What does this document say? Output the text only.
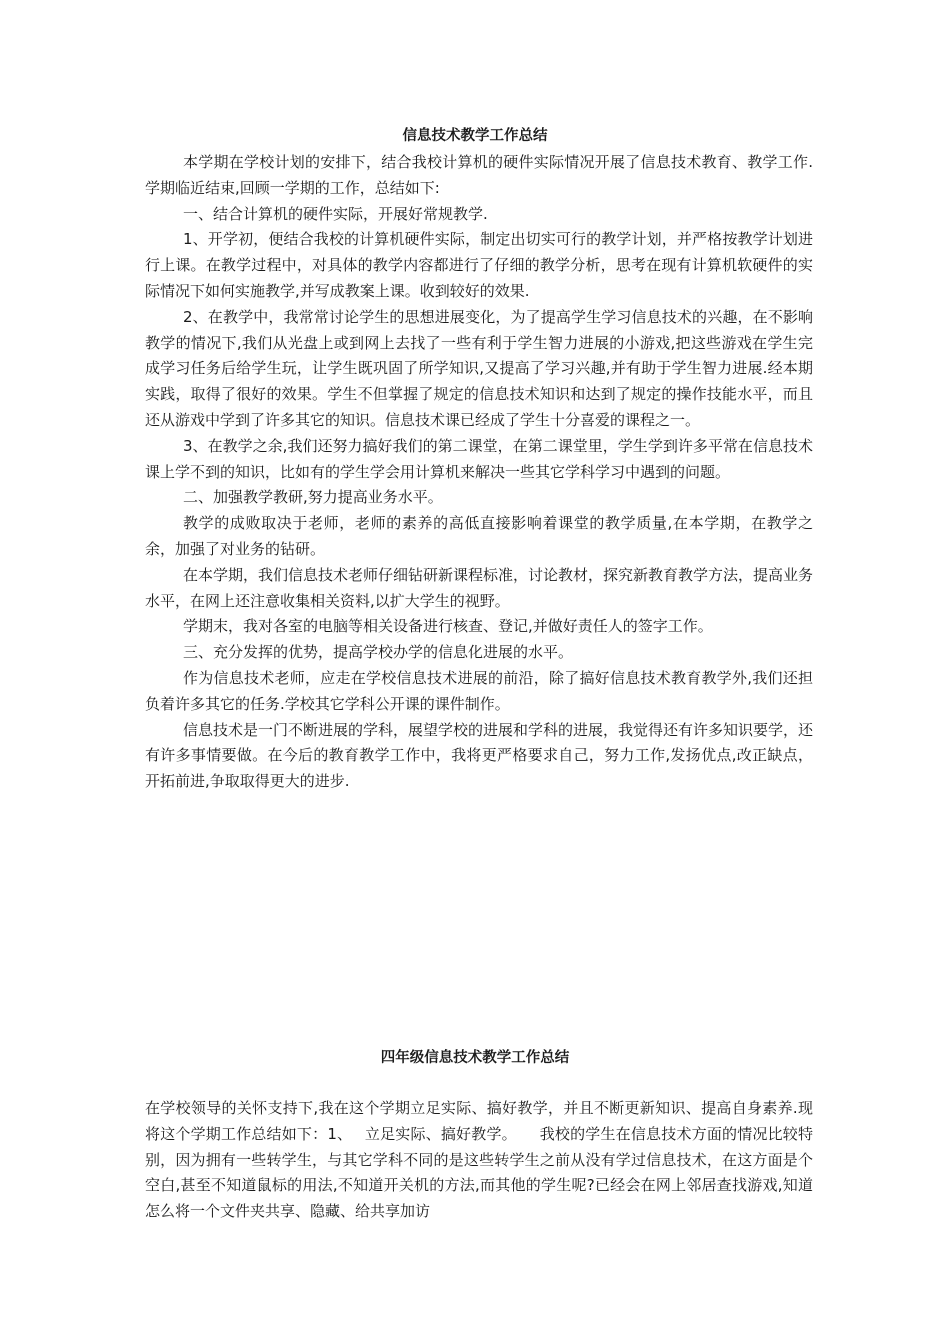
信息技术教学工作总结

本学期在学校计划的安排下，结合我校计算机的硬件实际情况开展了信息技术教育、教学工作.学期临近结束,回顾一学期的工作，总结如下:

一、结合计算机的硬件实际，开展好常规教学.

1、开学初，便结合我校的计算机硬件实际，制定出切实可行的教学计划，并严格按教学计划进行上课。在教学过程中，对具体的教学内容都进行了仔细的教学分析，思考在现有计算机软硬件的实际情况下如何实施教学,并写成教案上课。收到较好的效果.

2、在教学中，我常常讨论学生的思想进展变化，为了提高学生学习信息技术的兴趣，在不影响教学的情况下,我们从光盘上或到网上去找了一些有利于学生智力进展的小游戏,把这些游戏在学生完成学习任务后给学生玩，让学生既巩固了所学知识,又提高了学习兴趣,并有助于学生智力进展.经本期实践，取得了很好的效果。学生不但掌握了规定的信息技术知识和达到了规定的操作技能水平，而且还从游戏中学到了许多其它的知识。信息技术课已经成了学生十分喜爱的课程之一。

3、在教学之余,我们还努力搞好我们的第二课堂，在第二课堂里，学生学到许多平常在信息技术课上学不到的知识，比如有的学生学会用计算机来解决一些其它学科学习中遇到的问题。

二、加强教学教研,努力提高业务水平。

教学的成败取决于老师，老师的素养的高低直接影响着课堂的教学质量,在本学期，在教学之余，加强了对业务的钻研。

在本学期，我们信息技术老师仔细钻研新课程标准，讨论教材，探究新教育教学方法，提高业务水平，在网上还注意收集相关资料,以扩大学生的视野。

学期末，我对各室的电脑等相关设备进行核查、登记,并做好责任人的签字工作。

三、充分发挥的优势，提高学校办学的信息化进展的水平。

作为信息技术老师，应走在学校信息技术进展的前沿，除了搞好信息技术教育教学外,我们还担负着许多其它的任务.学校其它学科公开课的课件制作。

信息技术是一门不断进展的学科，展望学校的进展和学科的进展，我觉得还有许多知识要学，还有许多事情要做。在今后的教育教学工作中，我将更严格要求自己，努力工作,发扬优点,改正缺点，开拓前进,争取取得更大的进步.

四年级信息技术教学工作总结

在学校领导的关怀支持下,我在这个学期立足实际、搞好教学，并且不断更新知识、提高自身素养.现将这个学期工作总结如下：1、　 立足实际、搞好教学。　　我校的学生在信息技术方面的情况比较特别，因为拥有一些转学生，与其它学科不同的是这些转学生之前从没有学过信息技术，在这方面是个空白,甚至不知道鼠标的用法,不知道开关机的方法,而其他的学生呢?已经会在网上邻居查找游戏,知道怎么将一个文件夹共享、隐藏、给共享加访
